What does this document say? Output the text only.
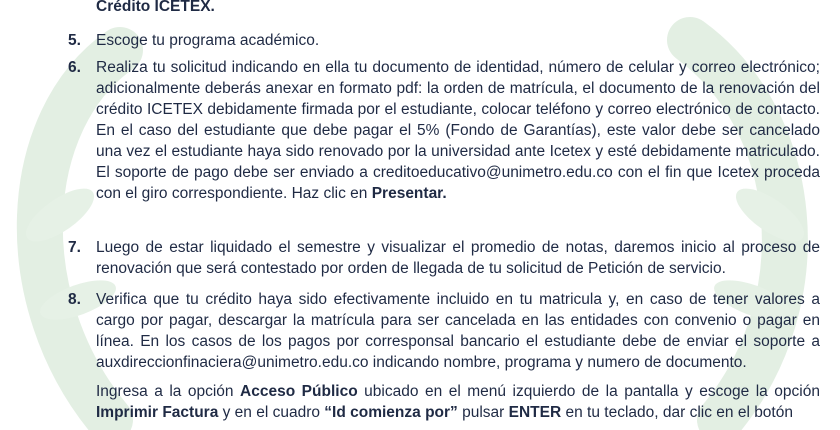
Crédito ICETEX.
5. Escoge tu programa académico.
6. Realiza tu solicitud indicando en ella tu documento de identidad, número de celular y correo electrónico; adicionalmente deberás anexar en formato pdf: la orden de matrícula, el documento de la renovación del crédito ICETEX debidamente firmada por el estudiante, colocar teléfono y correo electrónico de contacto. En el caso del estudiante que debe pagar el 5% (Fondo de Garantías), este valor debe ser cancelado una vez el estudiante haya sido renovado por la universidad ante Icetex y esté debidamente matriculado. El soporte de pago debe ser enviado a creditoeducativo@unimetro.edu.co con el fin que Icetex proceda con el giro correspondiente. Haz clic en Presentar.
7. Luego de estar liquidado el semestre y visualizar el promedio de notas, daremos inicio al proceso de renovación que será contestado por orden de llegada de tu solicitud de Petición de servicio.
8. Verifica que tu crédito haya sido efectivamente incluido en tu matricula y, en caso de tener valores a cargo por pagar, descargar la matrícula para ser cancelada en las entidades con convenio o pagar en línea. En los casos de los pagos por corresponsal bancario el estudiante debe de enviar el soporte a auxdireccionfinaciera@unimetro.edu.co indicando nombre, programa y numero de documento.
Ingresa a la opción Acceso Público ubicado en el menú izquierdo de la pantalla y escoge la opción Imprimir Factura y en el cuadro “Id comienza por” pulsar ENTER en tu teclado, dar clic en el botón
